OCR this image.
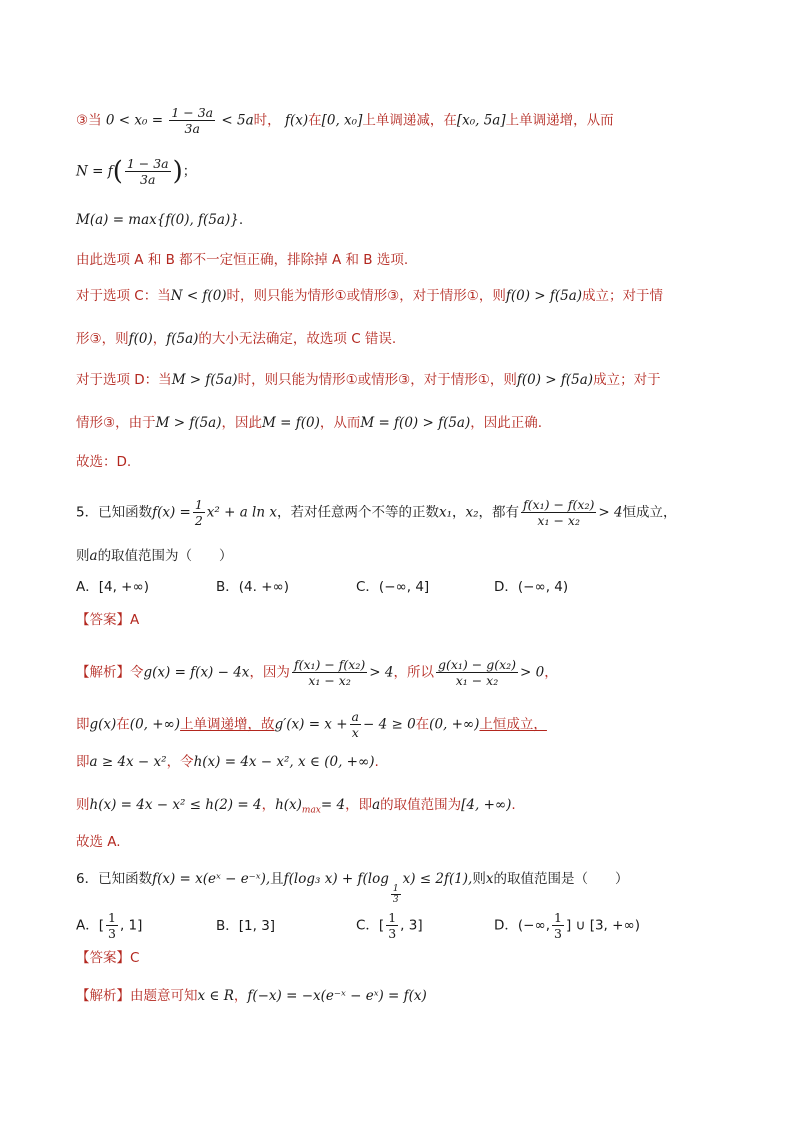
③当 $0 < x_0 = \frac{1 - 3a}{3a} < 5a$时， f(x)在[0, x₀]上单调递减，在[x₀, 5a]上单调递增，从而
$N = f( \frac{1 - 3a}{3a}$ )；
M(a) = max{f(0), f(5a)}.
由此选项 A 和 B 都不一定恒正确，排除掉 A 和 B 选项.
对于选项 C：当N < f(0)时，则只能为情形①或情形③，对于情形①，则f(0) > f(5a)成立；对于情
形③，则f(0)，f(5a)的大小无法确定，故选项 C 错误.
对于选项 D：当M > f(5a)时，则只能为情形①或情形③，对于情形①，则f(0) > f(5a)成立；对于
情形③，由于M > f(5a)，因此M = f(0)，从而M = f(0) > f(5a)，因此正确.
故选：D.
5．已知函数$f(x) = \frac{1}{2} x^2 + a$ ln x，若对任意两个不等的正数x₁，x₂，都有 $\frac{\text{f(x₁) − f(x₂)}}{\text{x₁ − x₂}} > 4$恒成立，
则a的取值范围为（　　）
A．[4, +∞)	B．(4. +∞)	C．(−∞, 4]	D．(−∞, 4)
【答案】A
【解析】令g(x) = f(x) − 4x，因为 $\frac{\text{f(x₁) − f(x₂)}}{\text{x₁ − x₂}} > 4$，所以 $\frac{\text{g(x₁) − g(x₂)}}{\text{x₁ − x₂}} > 0$，
即g(x)在(0, +∞)上单调递增，故$g'(x) = x + \frac{a}{x} - 4 \ge 0$在(0, +∞)上恒成立，
即a ≥ 4x − x²，令h(x) = 4x − x², x ∈ (0, +∞).
则h(x) = 4x − x² ≤ h(2) = 4，$h(x)_{max}= 4$，即a的取值范围为[4, +∞).
故选 A.
6．已知函数f(x) = x(eˣ − e⁻ˣ),且f(log₃ x) + f(log
$\frac{1}{3}$
x) ≤ 2f(1),则x的取值范围是（　　）
A．[ $\frac{1}{3}$ , 1]	B．[1, 3]	C．[ $\frac{1}{3}$ , 3]	D．(−∞, $\frac{1}{3}$ ] ∪ [3, +∞)
【答案】C
【解析】由题意可知x ∈ R，f(−x) = −x(e⁻ˣ − eˣ) = f(x)
